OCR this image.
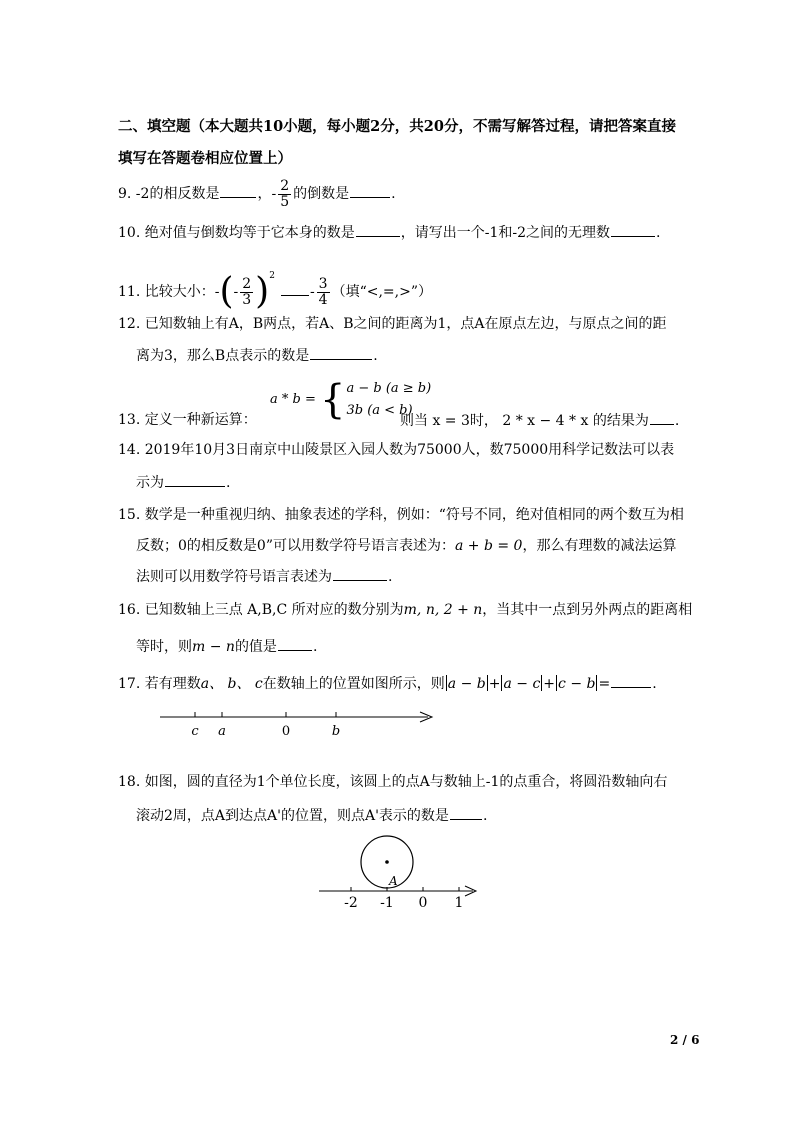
二、填空题（本大题共10小题，每小题2分，共20分，不需写解答过程，请把答案直接
填写在答题卷相应位置上）
9. -2的相反数是	，- $\frac{2}{5}$ 的倒数是	.
10. 绝对值与倒数均等于它本身的数是	，请写出一个-1和-2之间的无理数	.
11. 比较大小：-(- $\frac{2}{3} )^2- \frac{3}{4}$ （填“<,=,>”）
12. 已知数轴上有A，B两点，若A、B之间的距离为1，点A在原点左边，与原点之间的距
离为3，那么B点表示的数是	.
a * b = { a − b (a ≥ b)
3b (a < b)
13. 定义一种新运算：	则当 x = 3时， 2 * x − 4 * x 的结果为 .
14. 2019年10月3日南京中山陵景区入园人数为75000人，数75000用科学记数法可以表
示为	.
15. 数学是一种重视归纳、抽象表述的学科，例如：“符号不同，绝对值相同的两个数互为相
反数；0的相反数是0”可以用数学符号语言表述为：a + b = 0，那么有理数的减法运算
法则可以用数学符号语言表述为	.
16. 已知数轴上三点 A,B,C 所对应的数分别为m, n, 2 + n，当其中一点到另外两点的距离相
等时，则m − n的值是	.
17. 若有理数a、 b、 c在数轴上的位置如图所示，则 a − b + a − c + c − b =	.
c a	0	b
18. 如图，圆的直径为1个单位长度，该圆上的点A与数轴上-1的点重合，将圆沿数轴向右
滚动2周，点A到达点A'的位置，则点A'表示的数是 .
A
-2 -1 0 1
2 / 6
